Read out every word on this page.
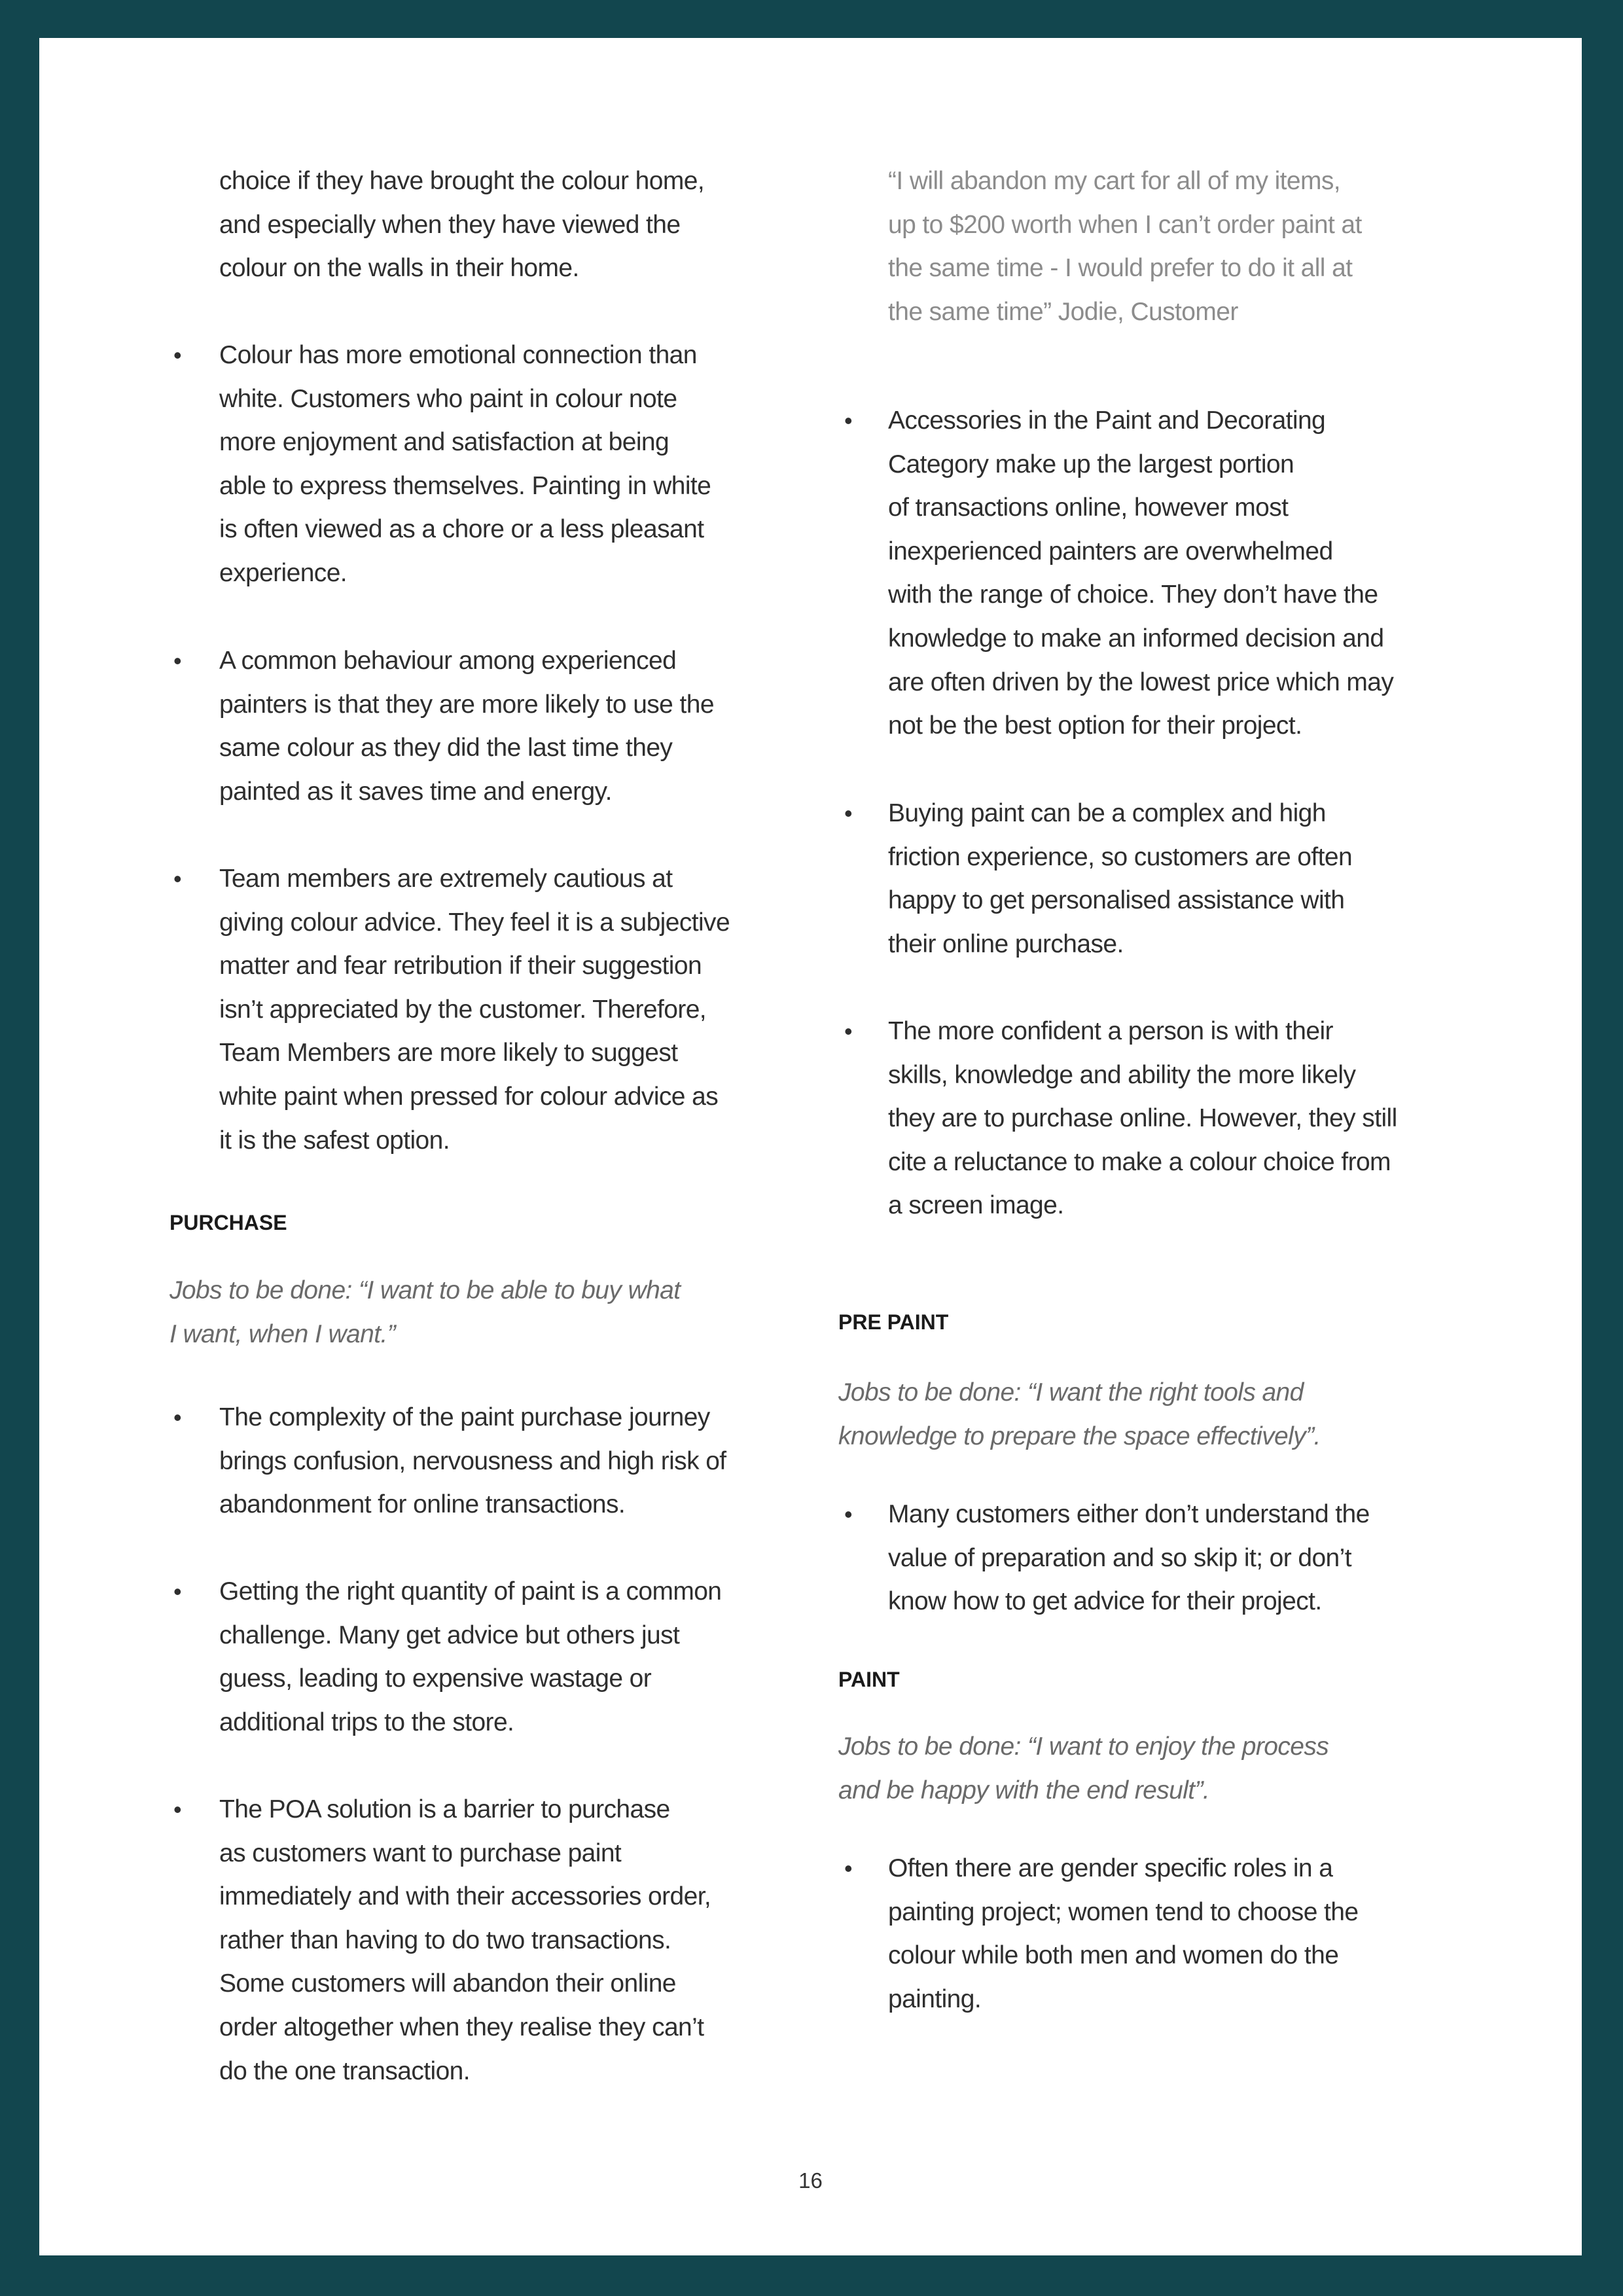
choice if they have brought the colour home,
and especially when they have viewed the
colour on the walls in their home.
Colour has more emotional connection than
white. Customers who paint in colour note
more enjoyment and satisfaction at being
able to express themselves. Painting in white
is often viewed as a chore or a less pleasant
experience.
•
A common behaviour among experienced
painters is that they are more likely to use the
same colour as they did the last time they
painted as it saves time and energy.
•
Team members are extremely cautious at
giving colour advice. They feel it is a subjective
matter and fear retribution if their suggestion
isn’t appreciated by the customer. Therefore,
Team Members are more likely to suggest
white paint when pressed for colour advice as
it is the safest option.
•
PURCHASE
Jobs to be done: “I want to be able to buy what
I want, when I want.”
The complexity of the paint purchase journey
brings confusion, nervousness and high risk of
abandonment for online transactions.
•
Getting the right quantity of paint is a common
challenge. Many get advice but others just
guess, leading to expensive wastage or
additional trips to the store.
•
The POA solution is a barrier to purchase
as customers want to purchase paint
immediately and with their accessories order,
rather than having to do two transactions.
Some customers will abandon their online
order altogether when they realise they can’t
do the one transaction.
•
“I will abandon my cart for all of my items,
up to $200 worth when I can’t order paint at
the same time - I would prefer to do it all at
the same time” Jodie, Customer
Accessories in the Paint and Decorating
Category make up the largest portion
of transactions online, however most
inexperienced painters are overwhelmed
with the range of choice. They don’t have the
knowledge to make an informed decision and
are often driven by the lowest price which may
not be the best option for their project.
•
Buying paint can be a complex and high
friction experience, so customers are often
happy to get personalised assistance with
their online purchase.
•
The more confident a person is with their
skills, knowledge and ability the more likely
they are to purchase online. However, they still
cite a reluctance to make a colour choice from
a screen image.
•
PRE PAINT
Jobs to be done: “I want the right tools and
knowledge to prepare the space effectively”.
Many customers either don’t understand the
value of preparation and so skip it; or don’t
know how to get advice for their project.
•
PAINT
Jobs to be done: “I want to enjoy the process
and be happy with the end result”.
Often there are gender specific roles in a
painting project; women tend to choose the
colour while both men and women do the
painting.
•
16
